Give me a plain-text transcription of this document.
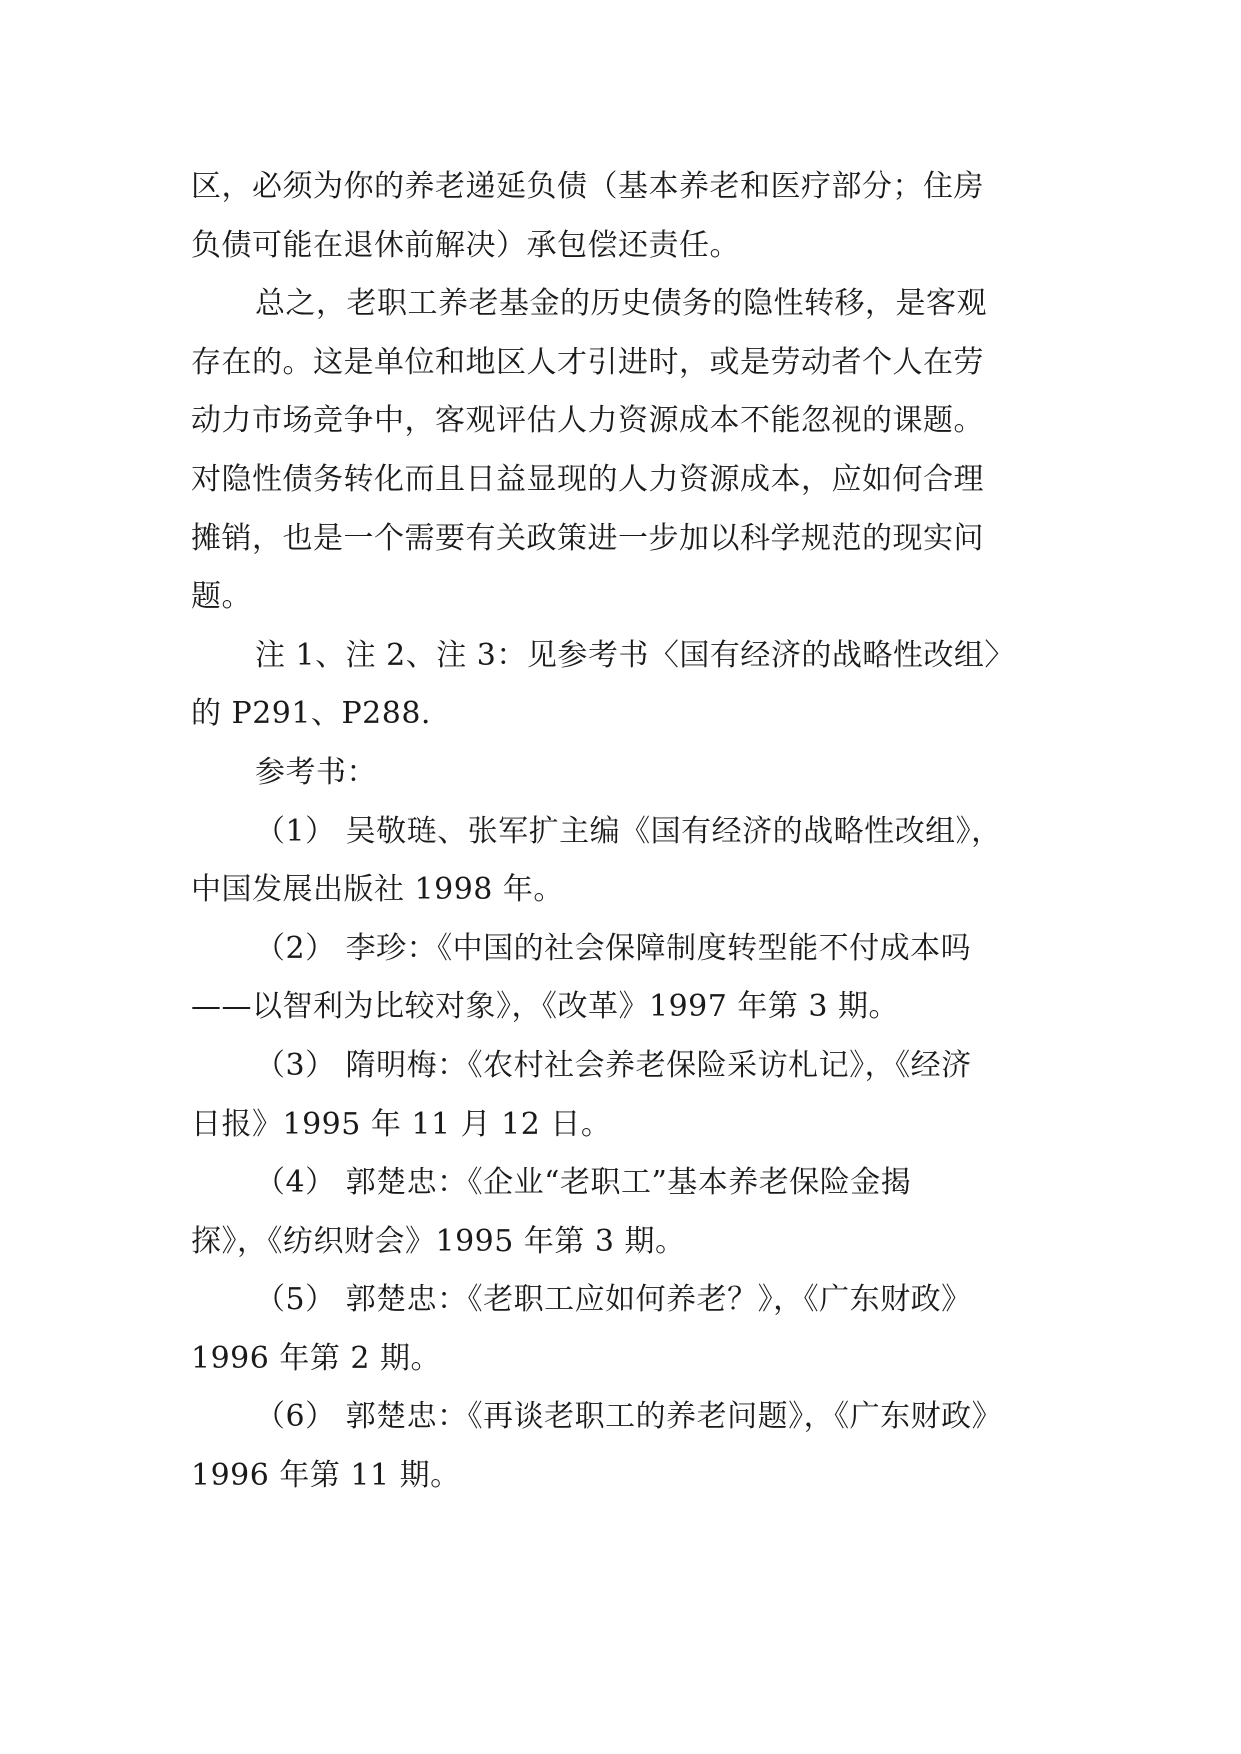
区，必须为你的养老递延负债（基本养老和医疗部分；住房
负债可能在退休前解决）承包偿还责任。
总之，老职工养老基金的历史债务的隐性转移，是客观
存在的。这是单位和地区人才引进时，或是劳动者个人在劳
动力市场竞争中，客观评估人力资源成本不能忽视的课题。
对隐性债务转化而且日益显现的人力资源成本，应如何合理
摊销，也是一个需要有关政策进一步加以科学规范的现实问
题。
注 1、注 2、注 3：见参考书〈国有经济的战略性改组〉
的 P291、P288.
参考书：
（1） 吴敬琏、张军扩主编《国有经济的战略性改组》，
中国发展出版社 1998 年。
（2） 李珍：《中国的社会保障制度转型能不付成本吗
——以智利为比较对象》，《改革》1997 年第 3 期。
（3） 隋明梅：《农村社会养老保险采访札记》，《经济
日报》1995 年 11 月 12 日。
（4） 郭楚忠：《企业“老职工”基本养老保险金揭
探》，《纺织财会》1995 年第 3 期。
（5） 郭楚忠：《老职工应如何养老？》，《广东财政》
1996 年第 2 期。
（6） 郭楚忠：《再谈老职工的养老问题》，《广东财政》
1996 年第 11 期。
